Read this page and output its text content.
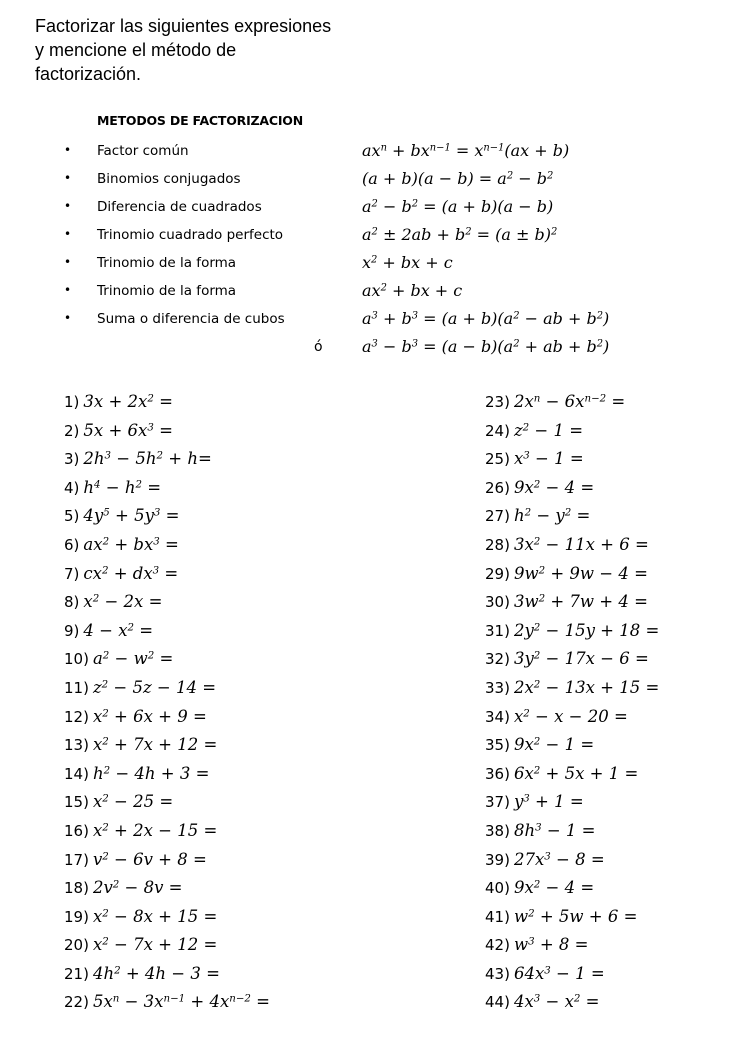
Factorizar las siguientes expresiones
y mencione el método de
factorización.
METODOS DE FACTORIZACION
• Factor común	$ax^n + bx^{n-1} = x^{n-1}(ax + b)$
• Binomios conjugados	$(a + b)(a - b) = a^2 - b^2$
• Diferencia de cuadrados	$a^2 - b^2 = (a + b)(a - b)$
• Trinomio cuadrado perfecto	$a^2 \pm 2ab + b^2 = (a \pm b)^2$
• Trinomio de la forma	$x^2$ + bx + c
• Trinomio de la forma	$ax^2$ + bx + c
• Suma o diferencia de cubos	$a^3 + b^3 = (a + b)(a^2$ − ab + $b^2$)
ó $a^3 - b^3 = (a - b)(a^2$ + ab + $b^2$)
1) $3x + 2x^2$ =
2) $5x + 6x^3$ =
3) $2h^3 - 5h^2 + h=$
4) $h^4 - h^2$ =
5) $4y^5 + 5y^3$ =
6) $ax^2 + bx^3$ =
7) $cx^2 + dx^3$ =
8) $x^2 - 2x$ =
9) $4 - x^2$ =
10) $a^2 - w^2$ =
11) $z^2 - 5z - 14$ =
12) $x^2 + 6x + 9$ =
13) $x^2 + 7x + 12$ =
14) $h^2 - 4h + 3$ =
15) $x^2 - 25$ =
16) $x^2 + 2x - 15$ =
17) $v^2 - 6v + 8$ =
18) $2v^2 - 8v$ =
19) $x^2 - 8x + 15$ =
20) $x^2 - 7x + 12$ =
21) $4h^2 + 4h - 3$ =
22) $5x^n - 3x^{n-1} + 4x^{n-2}$ =
23) $2x^n - 6x^{n-2}$ =
24) $z^2 - 1$ =
25) $x^3 - 1$ =
26) $9x^2 - 4$ =
27) $h^2 - y^2$ =
28) $3x^2 - 11x + 6$ =
29) $9w^2 + 9w - 4$ =
30) $3w^2 + 7w + 4$ =
31) $2y^2 - 15y + 18$ =
32) $3y^2 - 17x - 6$ =
33) $2x^2 - 13x + 15$ =
34) $x^2 - x - 20$ =
35) $9x^2 - 1$ =
36) $6x^2 + 5x + 1$ =
37) $y^3 + 1$ =
38) $8h^3 - 1$ =
39) $27x^3 - 8$ =
40) $9x^2 - 4$ =
41) $w^2 + 5w + 6$ =
42) $w^3 + 8$ =
43) $64x^3 - 1$ =
44) $4x^3 - x^2$ =
